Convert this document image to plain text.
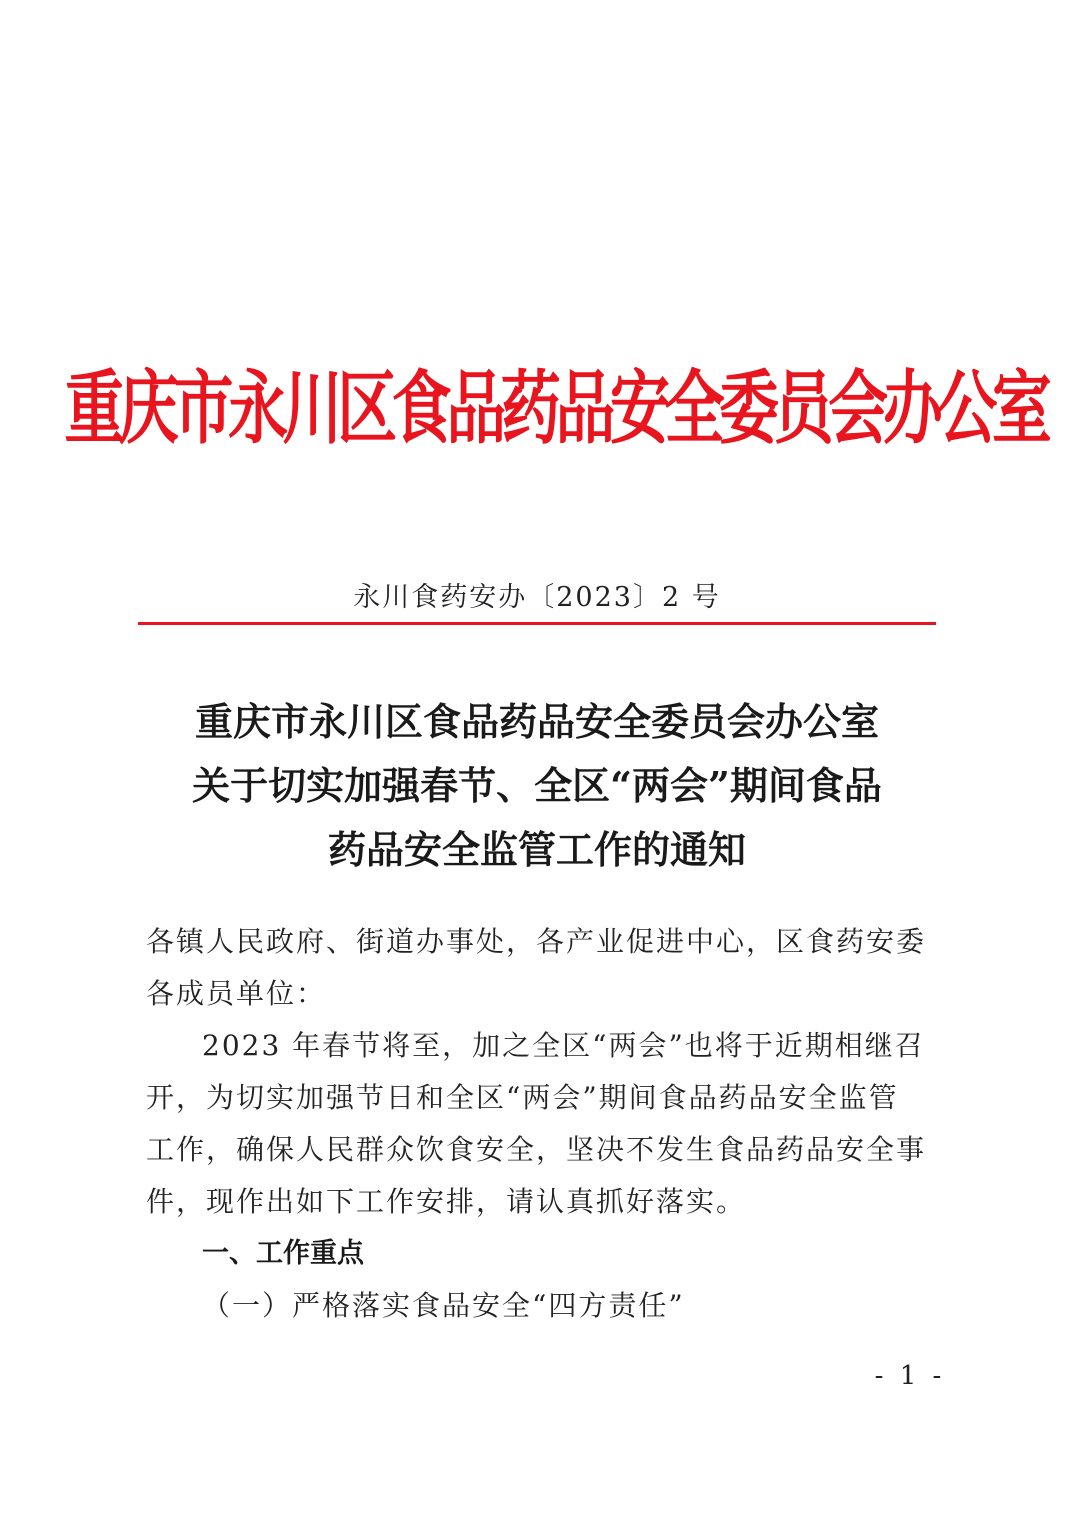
重庆市永川区食品药品安全委员会办公室
永川食药安办〔2023〕2 号
重庆市永川区食品药品安全委员会办公室
关于切实加强春节、全区“两会”期间食品
药品安全监管工作的通知
各镇人民政府、街道办事处，各产业促进中心，区食药安委各成员单位：
2023 年春节将至，加之全区“两会”也将于近期相继召开，为切实加强节日和全区“两会”期间食品药品安全监管工作，确保人民群众饮食安全，坚决不发生食品药品安全事件，现作出如下工作安排，请认真抓好落实。
一、工作重点
（一）严格落实食品安全“四方责任”
- 1 -
